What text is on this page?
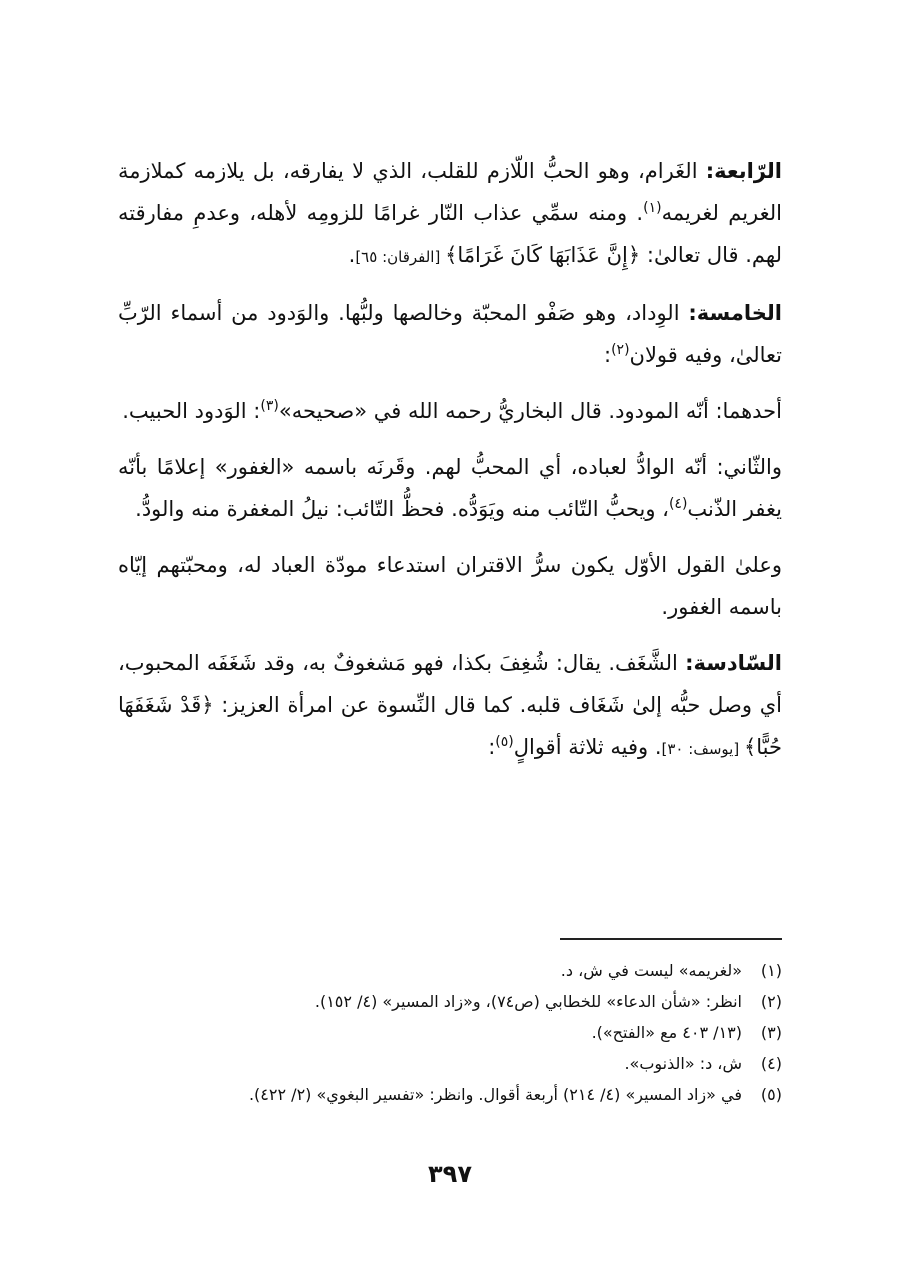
الرّابعة: الغَرام، وهو الحبُّ اللّازم للقلب، الذي لا يفارقه، بل يلازمه كملازمة الغريم لغريمه$^{(١)}$. ومنه سمِّي عذاب النّار غرامًا للزومِه لأهله، وعدمِ مفارقته لهم. قال تعالىٰ: ﴿إِنَّ عَذَابَهَا كَانَ غَرَامًا﴾ [الفرقان: ٦٥].

الخامسة: الوِداد، وهو صَفْو المحبّة وخالصها ولبُّها. والوَدود من أسماء الرّبِّ تعالىٰ، وفيه قولان$^{(٢)}$:

أحدهما: أنّه المودود. قال البخاريُّ رحمه الله في «صحيحه»$^{(٣)}$: الوَدود الحبيب.

والثّاني: أنّه الوادُّ لعباده، أي المحبُّ لهم. وقَرنَه باسمه «الغفور» إعلامًا بأنّه يغفر الذّنب$^{(٤)}$، ويحبُّ التّائب منه ويَوَدُّه. فحظُّ التّائب: نيلُ المغفرة منه والودُّ.

وعلىٰ القول الأوّل يكون سرُّ الاقتران استدعاء مودّة العباد له، ومحبّتهم إيّاه باسمه الغفور.

السّادسة: الشَّغَف. يقال: شُغِفَ بكذا، فهو مَشغوفٌ به، وقد شَغَفَه المحبوب، أي وصل حبُّه إلىٰ شَغَاف قلبه. كما قال النِّسوة عن امرأة العزيز: ﴿قَدْ شَغَفَهَا حُبًّا﴾ [يوسف: ٣٠]. وفيه ثلاثة أقوالٍ$^{(٥)}$:

(١)«لغريمه» ليست في ش، د.
(٢)انظر: «شأن الدعاء» للخطابي (ص٧٤)، و«زاد المسير» (٤/ ١٥٢).
(٣)(١٣/ ٤٠٣ مع «الفتح»).
(٤)ش، د: «الذنوب».
(٥)في «زاد المسير» (٤/ ٢١٤) أربعة أقوال. وانظر: «تفسير البغوي» (٢/ ٤٢٢).
٣٩٧
